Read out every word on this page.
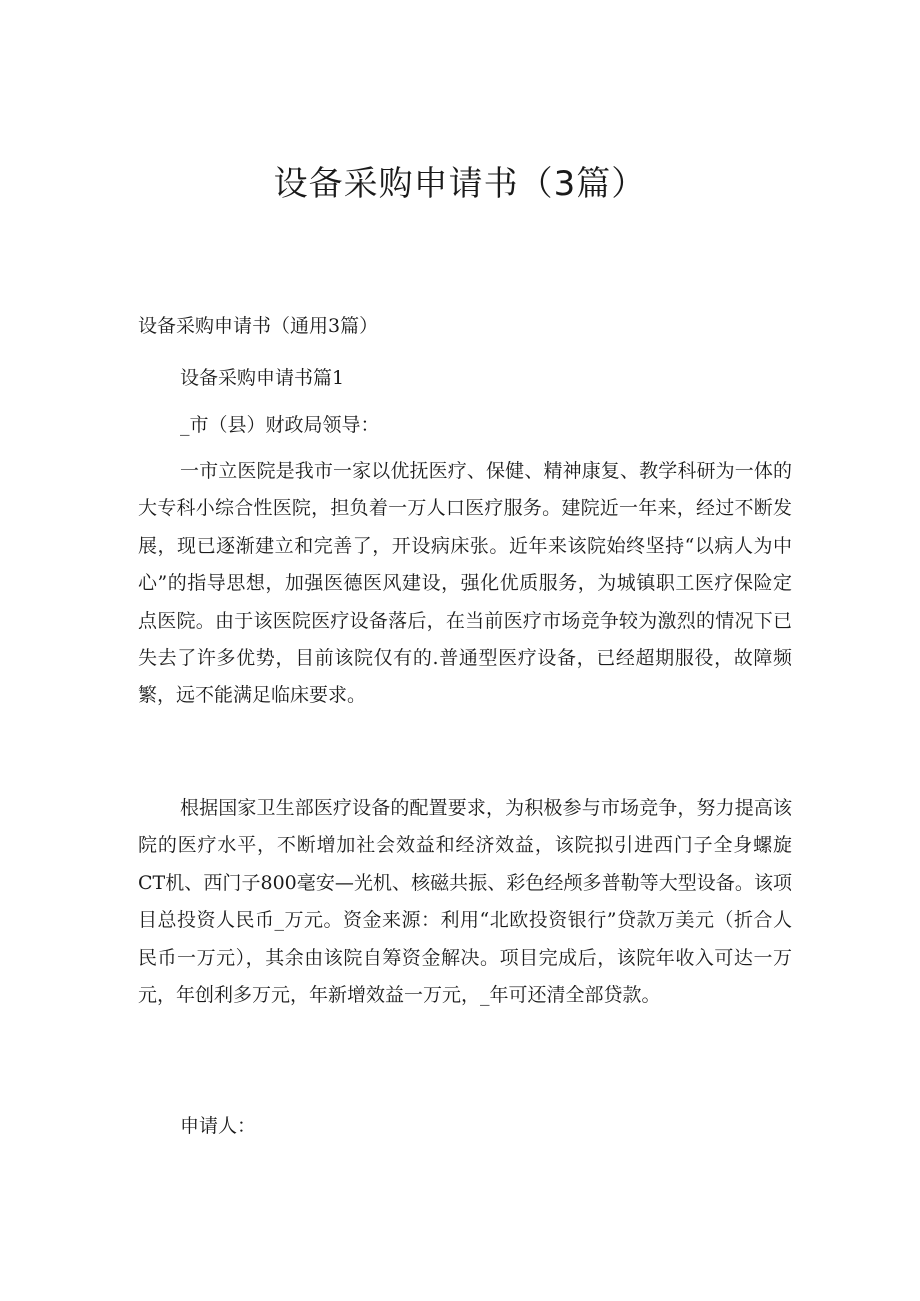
设备采购申请书（3篇）

设备采购申请书（通用3篇）

设备采购申请书篇1

_市（县）财政局领导：

一市立医院是我市一家以优抚医疗、保健、精神康复、教学科研为一体的大专科小综合性医院，担负着一万人口医疗服务。建院近一年来，经过不断发展，现已逐渐建立和完善了，开设病床张。近年来该院始终坚持“以病人为中心”的指导思想，加强医德医风建设，强化优质服务，为城镇职工医疗保险定点医院。由于该医院医疗设备落后，在当前医疗市场竞争较为激烈的情况下已失去了许多优势，目前该院仅有的.普通型医疗设备，已经超期服役，故障频繁，远不能满足临床要求。

根据国家卫生部医疗设备的配置要求，为积极参与市场竞争，努力提高该院的医疗水平，不断增加社会效益和经济效益，该院拟引进西门子全身螺旋CT机、西门子800毫安—光机、核磁共振、彩色经颅多普勒等大型设备。该项目总投资人民币_万元。资金来源：利用“北欧投资银行”贷款万美元（折合人民币一万元），其余由该院自筹资金解决。项目完成后，该院年收入可达一万元，年创利多万元，年新增效益一万元，_年可还清全部贷款。

申请人：
